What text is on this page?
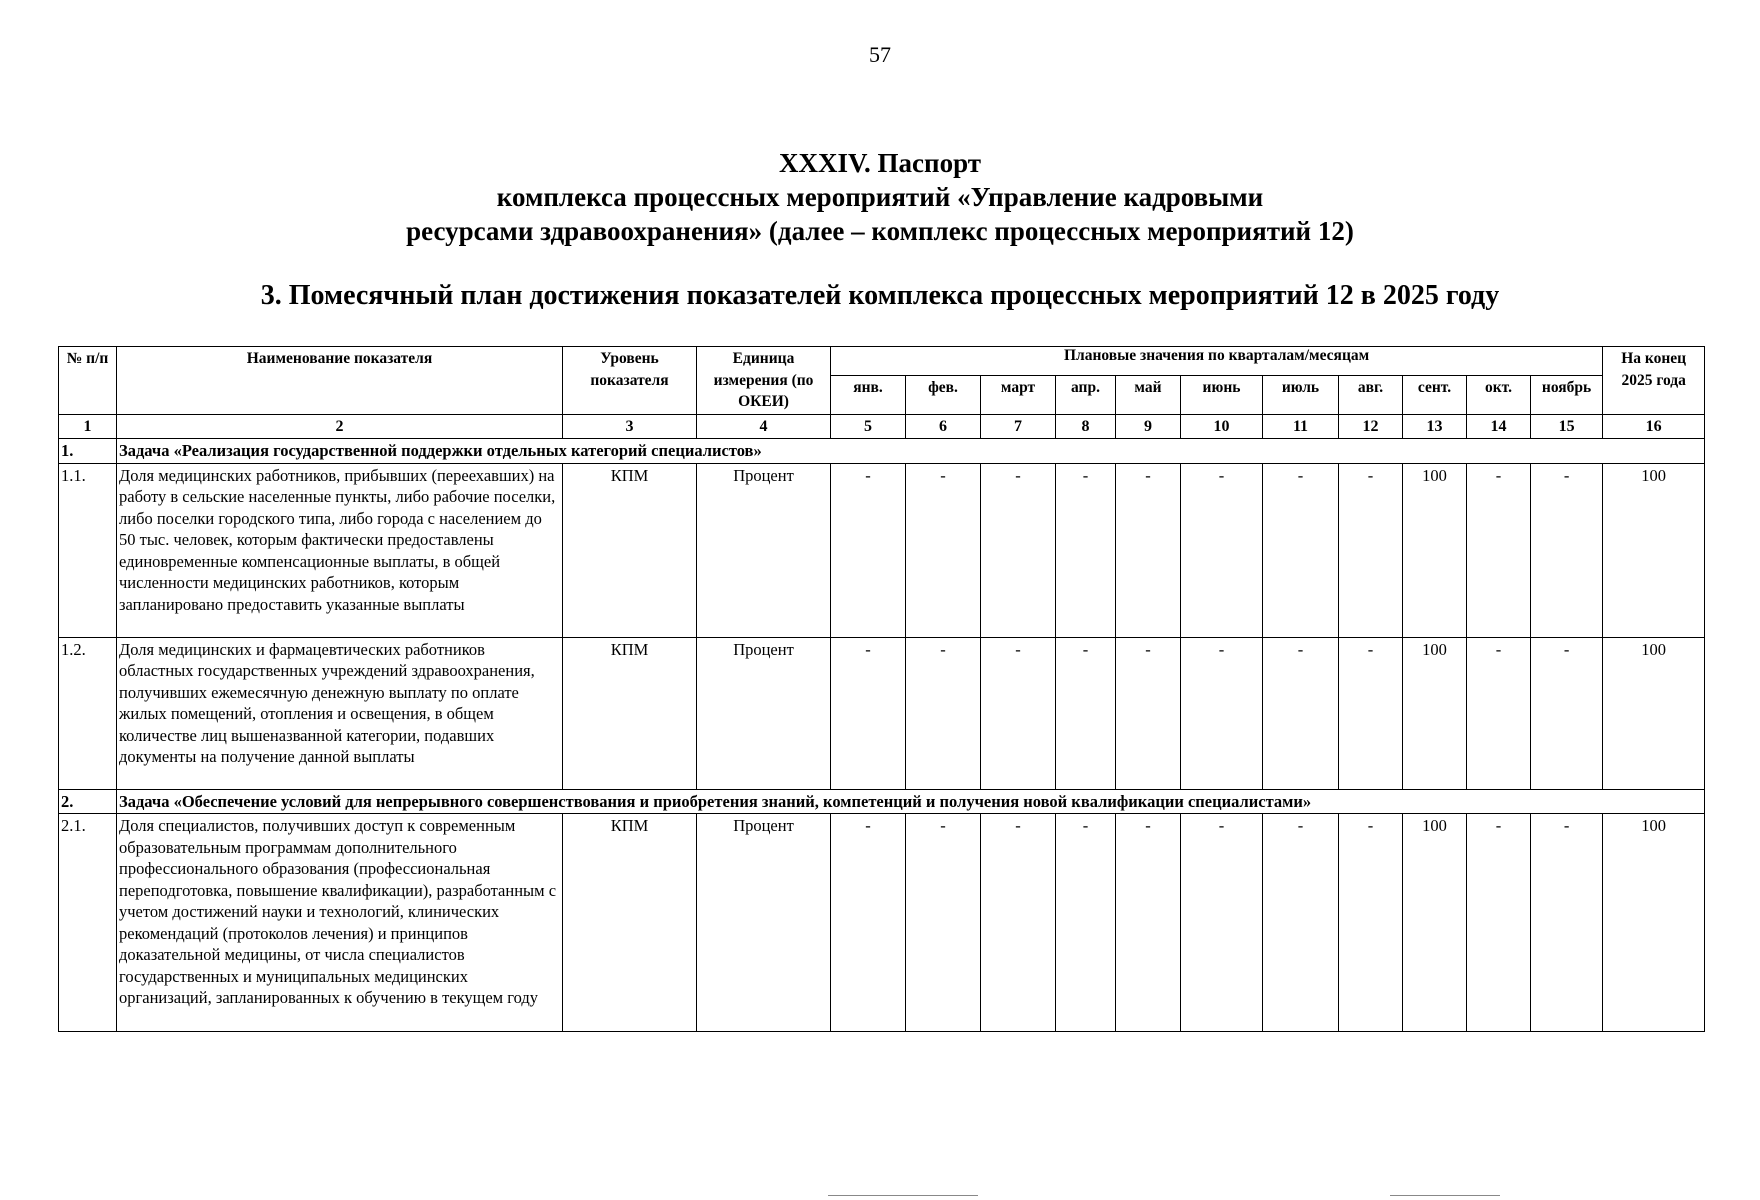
57
XXXIV. Паспорт
комплекса процессных мероприятий «Управление кадровыми
ресурсами здравоохранения» (далее – комплекс процессных мероприятий 12)
3. Помесячный план достижения показателей комплекса процессных мероприятий 12 в 2025 году
№ п/п	Наименование показателя	Уровень показателя	Единица измерения (по ОКЕИ)	Плановые значения по кварталам/месяцам											На конец 2025 года
				янв.	фев.	март	апр.	май	июнь	июль	авг.	сент.	окт.	ноябрь	
1	2	3	4	5	6	7	8	9	10	11	12	13	14	15	16
1.	Задача «Реализация государственной поддержки отдельных категорий специалистов»														
1.1.	Доля медицинских работников, прибывших (переехавших) на работу в сельские населенные пункты, либо рабочие поселки, либо поселки городского типа, либо города с населением до 50 тыс. человек, которым фактически предоставлены единовременные компенсационные выплаты, в общей численности медицинских работников, которым запланировано предоставить указанные выплаты	КПМ	Процент	-	-	-	-	-	-	-	-	100	-	-	100
1.2.	Доля медицинских и фармацевтических работников областных государственных учреждений здравоохранения, получивших ежемесячную денежную выплату по оплате жилых помещений, отопления и освещения, в общем количестве лиц вышеназванной категории, подавших документы на получение данной выплаты	КПМ	Процент	-	-	-	-	-	-	-	-	100	-	-	100
2.	Задача «Обеспечение условий для непрерывного совершенствования и приобретения знаний, компетенций и получения новой квалификации специалистами»														
2.1.	Доля специалистов, получивших доступ к современным образовательным программам дополнительного профессионального образования (профессиональная переподготовка, повышение квалификации), разработанным с учетом достижений науки и технологий, клинических рекомендаций (протоколов лечения) и принципов доказательной медицины, от числа специалистов государственных и муниципальных медицинских организаций, запланированных к обучению в текущем году	КПМ	Процент	-	-	-	-	-	-	-	-	100	-	-	100
